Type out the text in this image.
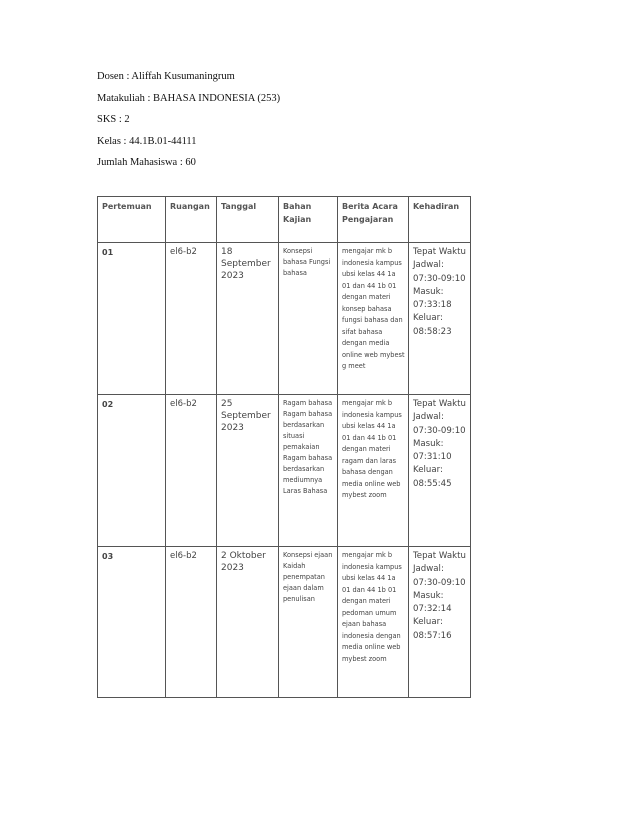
Dosen : Aliffah Kusumaningrum
Matakuliah : BAHASA INDONESIA (253)
SKS : 2
Kelas : 44.1B.01-44111
Jumlah Mahasiswa : 60
Pertemuan	Ruangan	Tanggal	Bahan Kajian	Berita Acara Pengajaran	Kehadiran
01	el6-b2	18 September 2023	Konsepsi bahasa Fungsi bahasa	mengajar mk b indonesia kampus ubsi kelas 44 1a 01 dan 44 1b 01 dengan materi konsep bahasa fungsi bahasa dan sifat bahasa dengan media online web mybest g meet	Tepat Waktu
Jadwal: 07:30-09:10
Masuk: 07:33:18
Keluar: 08:58:23

02	el6-b2	25 September 2023	Ragam bahasa Ragam bahasa berdasarkan situasi pemakaian Ragam bahasa berdasarkan mediumnya Laras Bahasa	mengajar mk b indonesia kampus ubsi kelas 44 1a 01 dan 44 1b 01 dengan materi ragam dan laras bahasa dengan media online web mybest zoom	Tepat Waktu
Jadwal: 07:30-09:10
Masuk: 07:31:10
Keluar: 08:55:45

03	el6-b2	2 Oktober 2023	Konsepsi ejaan Kaidah penempatan ejaan dalam penulisan	mengajar mk b indonesia kampus ubsi kelas 44 1a 01 dan 44 1b 01 dengan materi pedoman umum ejaan bahasa indonesia dengan media online web mybest zoom	Tepat Waktu
Jadwal: 07:30-09:10
Masuk: 07:32:14
Keluar: 08:57:16
